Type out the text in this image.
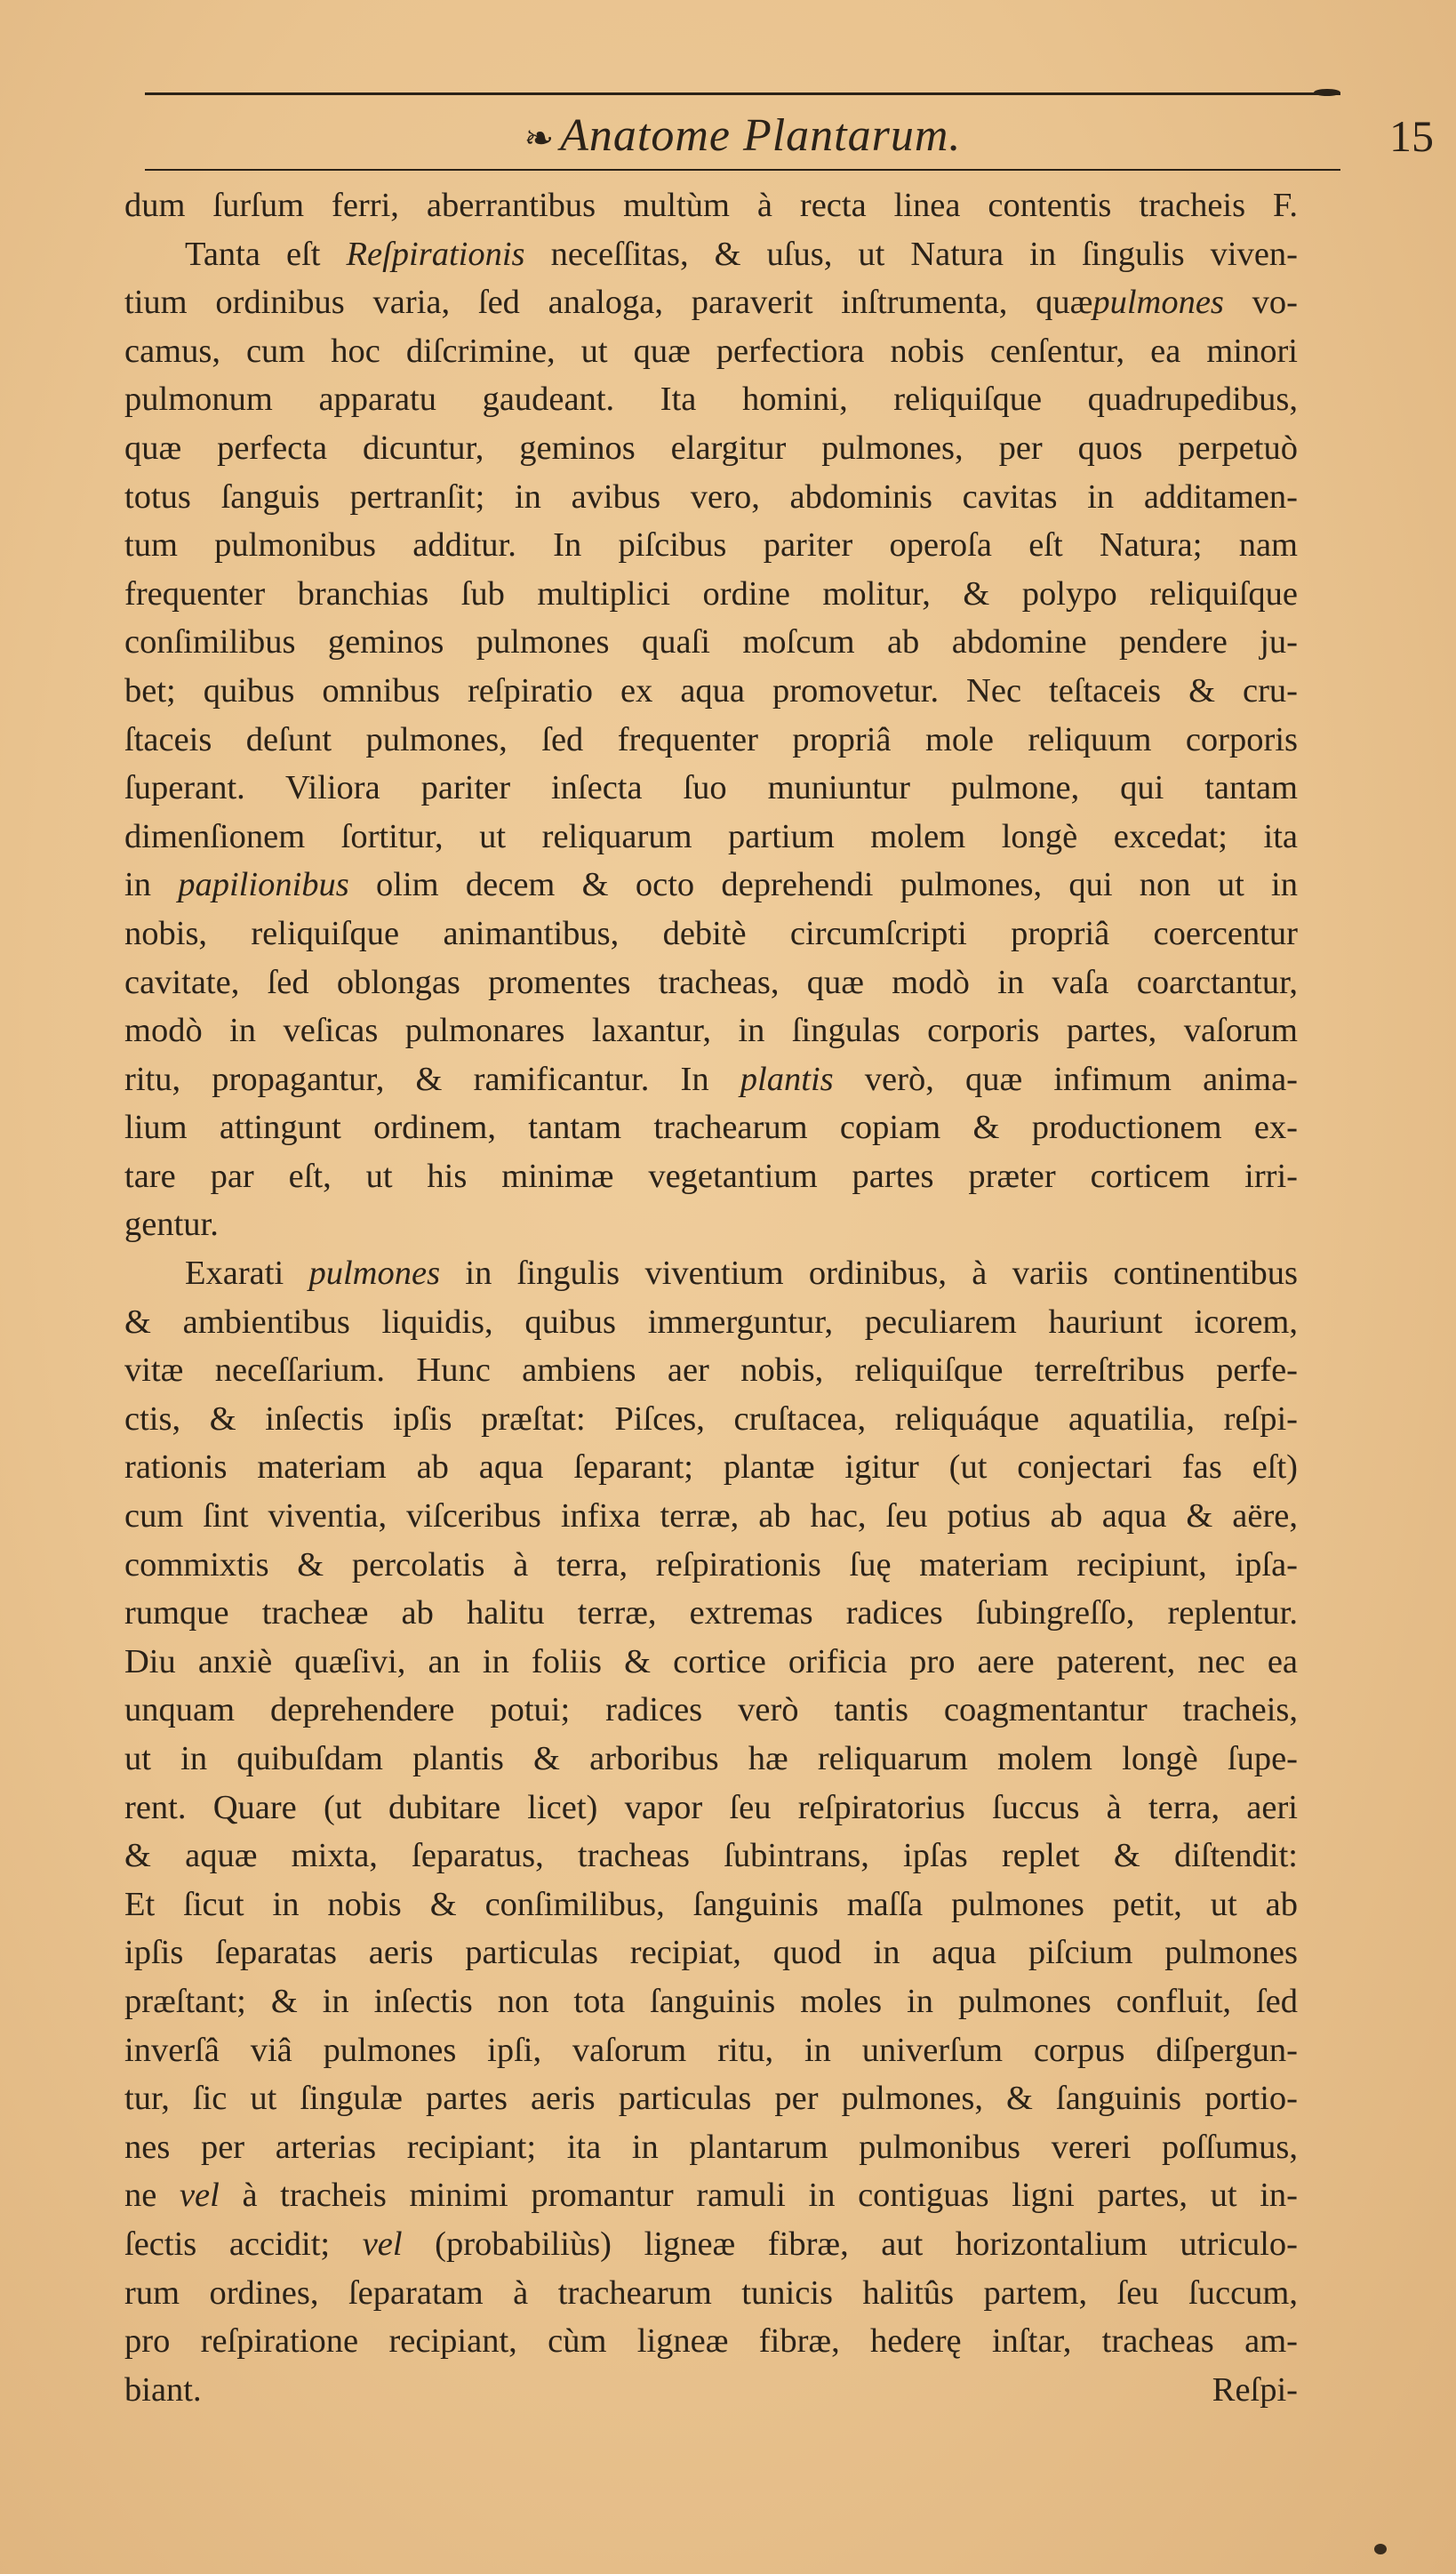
❧ Anatome Plantarum.	15
dum ſurſum ferri, aberrantibus multùm à recta linea contentis tracheis F.
Tanta eſt Reſpirationis neceſſitas, & uſus, ut Natura in ſingulis viven-
tium ordinibus varia, ſed analoga, paraverit inſtrumenta, quæpulmones vo-
camus, cum hoc diſcrimine, ut quæ perfectiora nobis cenſentur, ea minori
pulmonum apparatu gaudeant. Ita homini, reliquiſque quadrupedibus,
quæ perfecta dicuntur, geminos elargitur pulmones, per quos perpetuò
totus ſanguis pertranſit; in avibus vero, abdominis cavitas in additamen-
tum pulmonibus additur. In piſcibus pariter operoſa eſt Natura; nam
frequenter branchias ſub multiplici ordine molitur, & polypo reliquiſque
conſimilibus geminos pulmones quaſi moſcum ab abdomine pendere ju-
bet; quibus omnibus reſpiratio ex aqua promovetur. Nec teſtaceis & cru-
ſtaceis deſunt pulmones, ſed frequenter propriâ mole reliquum corporis
ſuperant. Viliora pariter inſecta ſuo muniuntur pulmone, qui tantam
dimenſionem ſortitur, ut reliquarum partium molem longè excedat; ita
in papilionibus olim decem & octo deprehendi pulmones, qui non ut in
nobis, reliquiſque animantibus, debitè circumſcripti propriâ coercentur
cavitate, ſed oblongas promentes tracheas, quæ modò in vaſa coarctantur,
modò in veſicas pulmonares laxantur, in ſingulas corporis partes, vaſorum
ritu, propagantur, & ramificantur. In plantis verò, quæ infimum anima-
lium attingunt ordinem, tantam trachearum copiam & productionem ex-
tare par eſt, ut his minimæ vegetantium partes præter corticem irri-
gentur.
Exarati pulmones in ſingulis viventium ordinibus, à variis continentibus
& ambientibus liquidis, quibus immerguntur, peculiarem hauriunt icorem,
vitæ neceſſarium. Hunc ambiens aer nobis, reliquiſque terreſtribus perfe-
ctis, & inſectis ipſis præſtat: Piſces, cruſtacea, reliquáque aquatilia, reſpi-
rationis materiam ab aqua ſeparant; plantæ igitur (ut conjectari fas eſt)
cum ſint viventia, viſceribus infixa terræ, ab hac, ſeu potius ab aqua & aëre,
commixtis & percolatis à terra, reſpirationis ſuę materiam recipiunt, ipſa-
rumque tracheæ ab halitu terræ, extremas radices ſubingreſſo, replentur.
Diu anxiè quæſivi, an in foliis & cortice orificia pro aere paterent, nec ea
unquam deprehendere potui; radices verò tantis coagmentantur tracheis,
ut in quibuſdam plantis & arboribus hæ reliquarum molem longè ſupe-
rent. Quare (ut dubitare licet) vapor ſeu reſpiratorius ſuccus à terra, aeri
& aquæ mixta, ſeparatus, tracheas ſubintrans, ipſas replet & diſtendit:
Et ſicut in nobis & conſimilibus, ſanguinis maſſa pulmones petit, ut ab
ipſis ſeparatas aeris particulas recipiat, quod in aqua piſcium pulmones
præſtant; & in inſectis non tota ſanguinis moles in pulmones confluit, ſed
inverſâ viâ pulmones ipſi, vaſorum ritu, in univerſum corpus diſpergun-
tur, ſic ut ſingulæ partes aeris particulas per pulmones, & ſanguinis portio-
nes per arterias recipiant; ita in plantarum pulmonibus vereri poſſumus,
ne vel à tracheis minimi promantur ramuli in contiguas ligni partes, ut in-
ſectis accidit; vel (probabiliùs) ligneæ fibræ, aut horizontalium utriculo-
rum ordines, ſeparatam à trachearum tunicis halitûs partem, ſeu ſuccum,
pro reſpiratione recipiant, cùm ligneæ fibræ, hederę inſtar, tracheas am-
biant.	Reſpi-
